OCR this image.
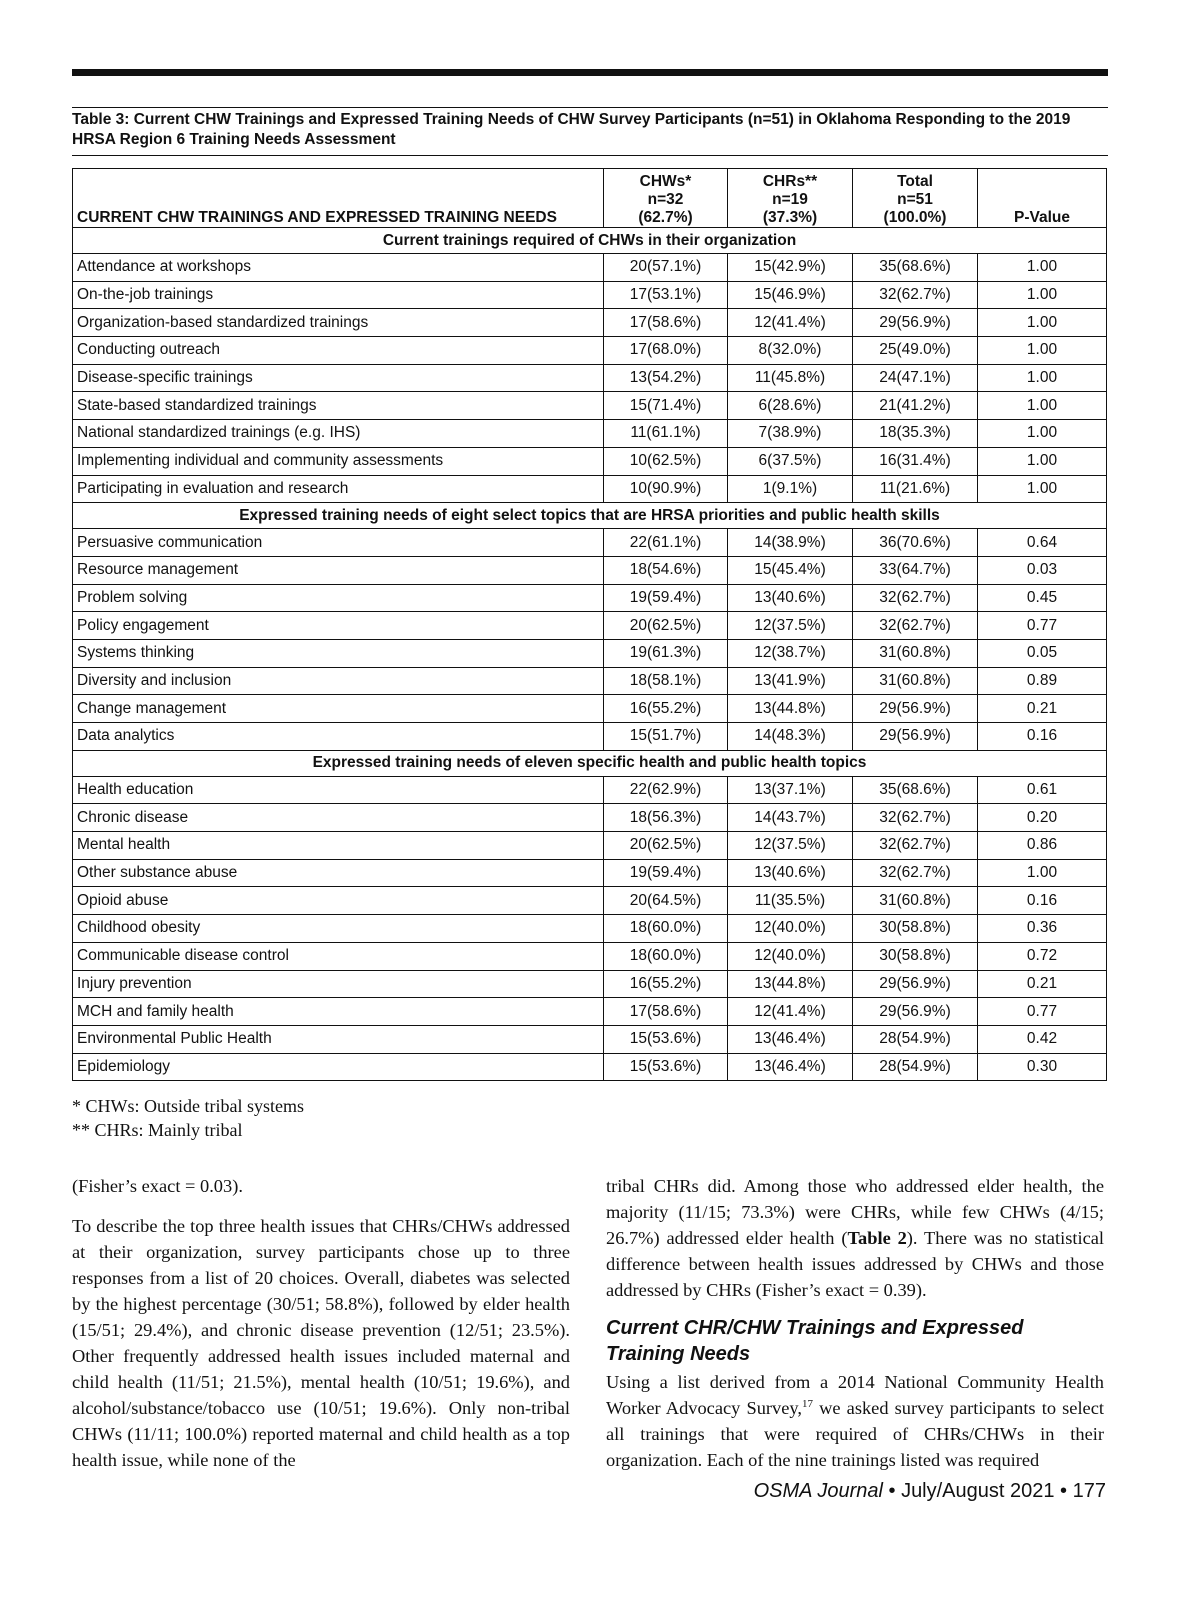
Table 3: Current CHW Trainings and Expressed Training Needs of CHW Survey Participants (n=51) in Oklahoma Responding to the 2019 HRSA Region 6 Training Needs Assessment
CURRENT CHW TRAININGS AND EXPRESSED TRAINING NEEDS	CHWs*
n=32
(62.7%)	CHRs**
n=19
(37.3%)	Total
n=51
(100.0%)	P-Value
Current trainings required of CHWs in their organization				
Attendance at workshops	20(57.1%)	15(42.9%)	35(68.6%)	1.00
On-the-job trainings	17(53.1%)	15(46.9%)	32(62.7%)	1.00
Organization-based standardized trainings	17(58.6%)	12(41.4%)	29(56.9%)	1.00
Conducting outreach	17(68.0%)	8(32.0%)	25(49.0%)	1.00
Disease-specific trainings	13(54.2%)	11(45.8%)	24(47.1%)	1.00
State-based standardized trainings	15(71.4%)	6(28.6%)	21(41.2%)	1.00
National standardized trainings (e.g. IHS)	11(61.1%)	7(38.9%)	18(35.3%)	1.00
Implementing individual and community assessments	10(62.5%)	6(37.5%)	16(31.4%)	1.00
Participating in evaluation and research	10(90.9%)	1(9.1%)	11(21.6%)	1.00
Expressed training needs of eight select topics that are HRSA priorities and public health skills				
Persuasive communication	22(61.1%)	14(38.9%)	36(70.6%)	0.64
Resource management	18(54.6%)	15(45.4%)	33(64.7%)	0.03
Problem solving	19(59.4%)	13(40.6%)	32(62.7%)	0.45
Policy engagement	20(62.5%)	12(37.5%)	32(62.7%)	0.77
Systems thinking	19(61.3%)	12(38.7%)	31(60.8%)	0.05
Diversity and inclusion	18(58.1%)	13(41.9%)	31(60.8%)	0.89
Change management	16(55.2%)	13(44.8%)	29(56.9%)	0.21
Data analytics	15(51.7%)	14(48.3%)	29(56.9%)	0.16
Expressed training needs of eleven specific health and public health topics				
Health education	22(62.9%)	13(37.1%)	35(68.6%)	0.61
Chronic disease	18(56.3%)	14(43.7%)	32(62.7%)	0.20
Mental health	20(62.5%)	12(37.5%)	32(62.7%)	0.86
Other substance abuse	19(59.4%)	13(40.6%)	32(62.7%)	1.00
Opioid abuse	20(64.5%)	11(35.5%)	31(60.8%)	0.16
Childhood obesity	18(60.0%)	12(40.0%)	30(58.8%)	0.36
Communicable disease control	18(60.0%)	12(40.0%)	30(58.8%)	0.72
Injury prevention	16(55.2%)	13(44.8%)	29(56.9%)	0.21
MCH and family health	17(58.6%)	12(41.4%)	29(56.9%)	0.77
Environmental Public Health	15(53.6%)	13(46.4%)	28(54.9%)	0.42
Epidemiology	15(53.6%)	13(46.4%)	28(54.9%)	0.30
* CHWs: Outside tribal systems
** CHRs: Mainly tribal

(Fisher’s exact = 0.03).

To describe the top three health issues that CHRs/CHWs addressed at their organization, survey participants chose up to three responses from a list of 20 choices. Overall, diabetes was selected by the highest percentage (30/51; 58.8%), followed by elder health (15/51; 29.4%), and chronic disease prevention (12/51; 23.5%). Other frequently addressed health issues included maternal and child health (11/51; 21.5%), mental health (10/51; 19.6%), and alcohol/substance/tobacco use (10/51; 19.6%). Only non-tribal CHWs (11/11; 100.0%) reported maternal and child health as a top health issue, while none of the

tribal CHRs did. Among those who addressed elder health, the majority (11/15; 73.3%) were CHRs, while few CHWs (4/15; 26.7%) addressed elder health (Table 2). There was no statistical difference between health issues addressed by CHWs and those addressed by CHRs (Fisher’s exact = 0.39).

Current CHR/CHW Trainings and Expressed Training Needs

Using a list derived from a 2014 National Community Health Worker Advocacy Survey,$^{17}$ we asked survey participants to select all trainings that were required of CHRs/CHWs in their organization. Each of the nine trainings listed was required

OSMA Journal • July/August 2021 • 177
